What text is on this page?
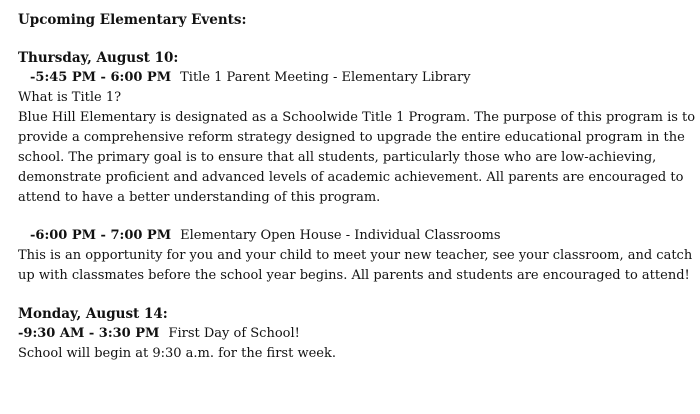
Upcoming Elementary Events:
Thursday, August 10:
-5:45 PM - 6:00 PM Title 1 Parent Meeting - Elementary Library
What is Title 1?
Blue Hill Elementary is designated as a Schoolwide Title 1 Program. The purpose of this program is to
provide a comprehensive reform strategy designed to upgrade the entire educational program in the
school. The primary goal is to ensure that all students, particularly those who are low-achieving,
demonstrate proficient and advanced levels of academic achievement. All parents are encouraged to
attend to have a better understanding of this program.
-6:00 PM - 7:00 PM Elementary Open House - Individual Classrooms
This is an opportunity for you and your child to meet your new teacher, see your classroom, and catch
up with classmates before the school year begins. All parents and students are encouraged to attend!
Monday, August 14:
-9:30 AM - 3:30 PM First Day of School!
School will begin at 9:30 a.m. for the first week.
